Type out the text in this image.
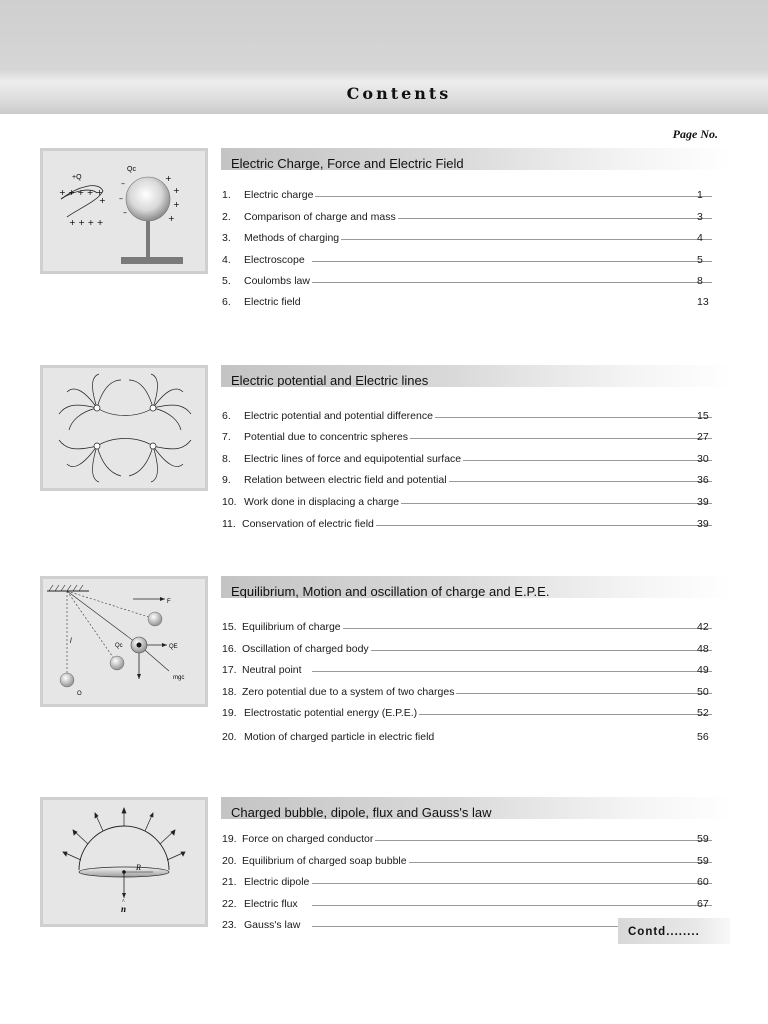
Contents
Page No.
+Q
Qc
+ + + + +
+ + + +
+
–
–
–
+
+
+
+
Electric Charge, Force and Electric Field
1.	Electric charge	1
2.	Comparison of charge and mass	3
3.	Methods of charging	4
4.	Electroscope	5
5.	Coulombs law	8
6.	Electric field	13
Electric potential and Electric lines
6.	Electric potential and potential difference	15
7.	Potential due to concentric spheres	27
8.	Electric lines of force and equipotential surface	30
9.	Relation between electric field and potential	36
10. Work done in displacing a charge	39
11. Conservation of electric field	39
F
l
Qc	QE
mgc
O
Equilibrium, Motion and oscillation of charge and E.P.E.
15. Equilibrium of charge	42
16. Oscillation of charged body	48
17. Neutral point	49
18. Zero potential due to a system of two charges	50
19. Electrostatic potential energy (E.P.E.)	52
20. Motion of charged particle in electric field	56
R
n
^
Charged bubble, dipole, flux and Gauss's law
19. Force on charged conductor	59
20. Equilibrium of charged soap bubble	59
21. Electric dipole	60
22. Electric flux	67
23. Gauss's law
Contd........
